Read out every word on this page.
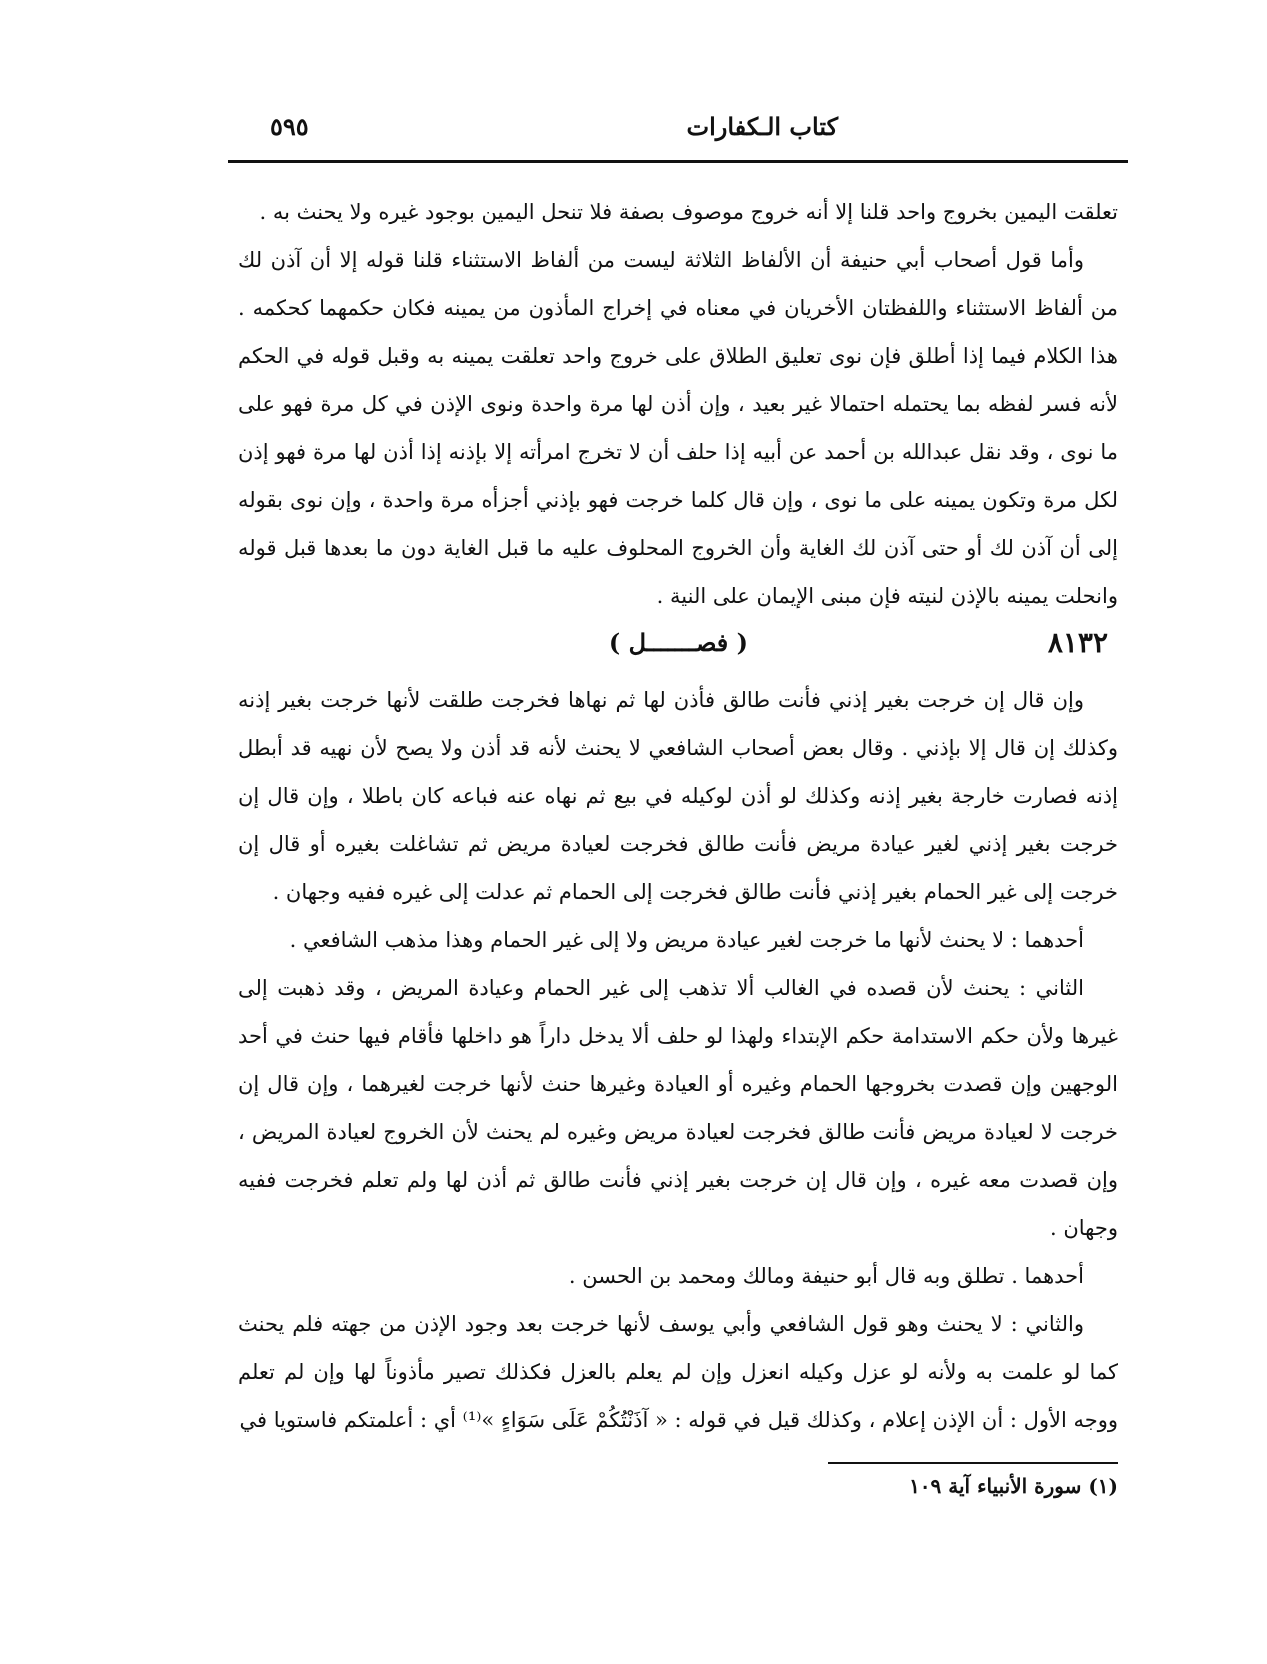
كتاب الـكفارات
٥٩٥

تعلقت اليمين بخروج واحد قلنا إلا أنه خروج موصوف بصفة فلا تنحل اليمين بوجود غيره ولا يحنث به .

وأما قول أصحاب أبي حنيفة أن الألفاظ الثلاثة ليست من ألفاظ الاستثناء قلنا قوله إلا أن آذن لك من ألفاظ الاستثناء واللفظتان الأخريان في معناه في إخراج المأذون من يمينه فكان حكمهما كحكمه . هذا الكلام فيما إذا أطلق فإن نوى تعليق الطلاق على خروج واحد تعلقت يمينه به وقبل قوله في الحكم لأنه فسر لفظه بما يحتمله احتمالا غير بعيد ، وإن أذن لها مرة واحدة ونوى الإذن في كل مرة فهو على ما نوى ، وقد نقل عبدالله بن أحمد عن أبيه إذا حلف أن لا تخرج امرأته إلا بإذنه إذا أذن لها مرة فهو إذن لكل مرة وتكون يمينه على ما نوى ، وإن قال كلما خرجت فهو بإذني أجزأه مرة واحدة ، وإن نوى بقوله إلى أن آذن لك أو حتى آذن لك الغاية وأن الخروج المحلوف عليه ما قبل الغاية دون ما بعدها قبل قوله وانحلت يمينه بالإذن لنيته فإن مبنى الإيمان على النية .

٨١٣٢
( فصـــــــل )

وإن قال إن خرجت بغير إذني فأنت طالق فأذن لها ثم نهاها فخرجت طلقت لأنها خرجت بغير إذنه وكذلك إن قال إلا بإذني . وقال بعض أصحاب الشافعي لا يحنث لأنه قد أذن ولا يصح لأن نهيه قد أبطل إذنه فصارت خارجة بغير إذنه وكذلك لو أذن لوكيله في بيع ثم نهاه عنه فباعه كان باطلا ، وإن قال إن خرجت بغير إذني لغير عيادة مريض فأنت طالق فخرجت لعيادة مريض ثم تشاغلت بغيره أو قال إن خرجت إلى غير الحمام بغير إذني فأنت طالق فخرجت إلى الحمام ثم عدلت إلى غيره ففيه وجهان .

أحدهما : لا يحنث لأنها ما خرجت لغير عيادة مريض ولا إلى غير الحمام وهذا مذهب الشافعي .

الثاني : يحنث لأن قصده في الغالب ألا تذهب إلى غير الحمام وعيادة المريض ، وقد ذهبت إلى غيرها ولأن حكم الاستدامة حكم الإبتداء ولهذا لو حلف ألا يدخل داراً هو داخلها فأقام فيها حنث في أحد الوجهين وإن قصدت بخروجها الحمام وغيره أو العيادة وغيرها حنث لأنها خرجت لغيرهما ، وإن قال إن خرجت لا لعيادة مريض فأنت طالق فخرجت لعيادة مريض وغيره لم يحنث لأن الخروج لعيادة المريض ، وإن قصدت معه غيره ، وإن قال إن خرجت بغير إذني فأنت طالق ثم أذن لها ولم تعلم فخرجت ففيه وجهان .

أحدهما . تطلق وبه قال أبو حنيفة ومالك ومحمد بن الحسن .

والثاني : لا يحنث وهو قول الشافعي وأبي يوسف لأنها خرجت بعد وجود الإذن من جهته فلم يحنث كما لو علمت به ولأنه لو عزل وكيله انعزل وإن لم يعلم بالعزل فكذلك تصير مأذوناً لها وإن لم تعلم ووجه الأول : أن الإذن إعلام ، وكذلك قيل في قوله : « آذَنْتُكُمْ عَلَى سَوَاءٍ »⁽¹⁾ أي : أعلمتكم فاستويا في

(١) سورة الأنبياء آية ١٠٩
